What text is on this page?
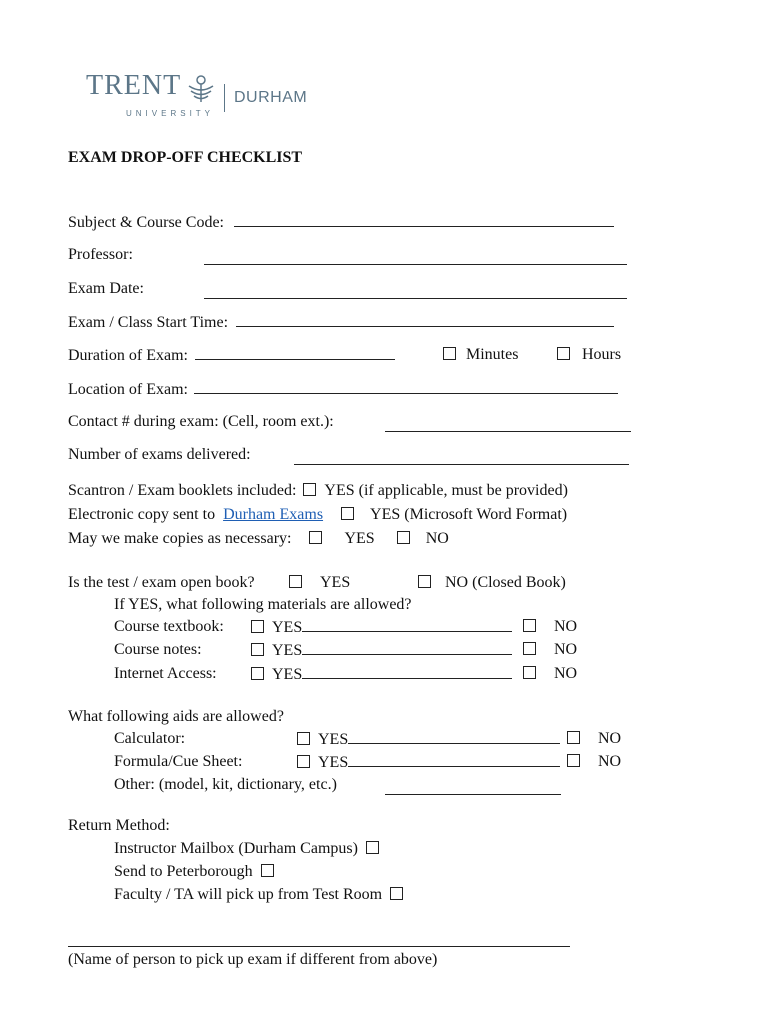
TRENT
UNIVERSITY
DURHAM
EXAM DROP-OFF CHECKLIST
Subject & Course Code:
Professor:
Exam Date:
Exam / Class Start Time:
Duration of Exam:	Minutes	Hours
Location of Exam:
Contact # during exam: (Cell, room ext.):
Number of exams delivered:
Scantron / Exam booklets included: YES (if applicable, must be provided)
Electronic copy sent to Durham Exams	YES (Microsoft Word Format)
May we make copies as necessary:	YES	NO
Is the test / exam open book?	YES	NO (Closed Book)
If YES, what following materials are allowed?
Course textbook:	YES	NO
Course notes:	YES	NO
Internet Access:	YES	NO
What following aids are allowed?
Calculator:	YES	NO
Formula/Cue Sheet:	YES	NO
Other: (model, kit, dictionary, etc.)
Return Method:
Instructor Mailbox (Durham Campus)
Send to Peterborough
Faculty / TA will pick up from Test Room
(Name of person to pick up exam if different from above)
